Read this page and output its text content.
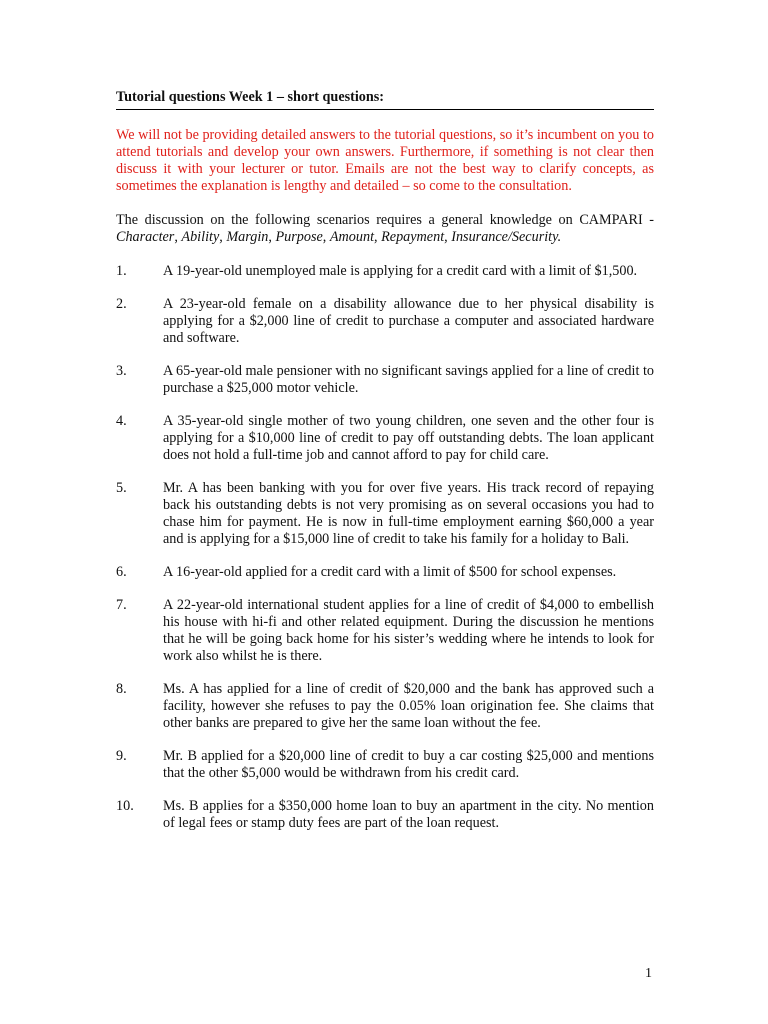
Tutorial questions Week 1 – short questions:

We will not be providing detailed answers to the tutorial questions, so it’s incumbent on you to attend tutorials and develop your own answers. Furthermore, if something is not clear then discuss it with your lecturer or tutor. Emails are not the best way to clarify concepts, as sometimes the explanation is lengthy and detailed – so come to the consultation.

The discussion on the following scenarios requires a general knowledge on CAMPARI - Character, Ability, Margin, Purpose, Amount, Repayment, Insurance/Security.

1.	A 19-year-old unemployed male is applying for a credit card with a limit of $1,500.
2.	A 23-year-old female on a disability allowance due to her physical disability is applying for a $2,000 line of credit to purchase a computer and associated hardware and software.
3.	A 65-year-old male pensioner with no significant savings applied for a line of credit to purchase a $25,000 motor vehicle.
4.	A 35-year-old single mother of two young children, one seven and the other four is applying for a $10,000 line of credit to pay off outstanding debts. The loan applicant does not hold a full-time job and cannot afford to pay for child care.
5.	Mr. A has been banking with you for over five years. His track record of repaying back his outstanding debts is not very promising as on several occasions you had to chase him for payment. He is now in full-time employment earning $60,000 a year and is applying for a $15,000 line of credit to take his family for a holiday to Bali.
6.	A 16-year-old applied for a credit card with a limit of $500 for school expenses.
7.	A 22-year-old international student applies for a line of credit of $4,000 to embellish his house with hi-fi and other related equipment. During the discussion he mentions that he will be going back home for his sister’s wedding where he intends to look for work also whilst he is there.
8.	Ms. A has applied for a line of credit of $20,000 and the bank has approved such a facility, however she refuses to pay the 0.05% loan origination fee. She claims that other banks are prepared to give her the same loan without the fee.
9.	Mr. B applied for a $20,000 line of credit to buy a car costing $25,000 and mentions that the other $5,000 would be withdrawn from his credit card.
10.	Ms. B applies for a $350,000 home loan to buy an apartment in the city. No mention of legal fees or stamp duty fees are part of the loan request.
1
